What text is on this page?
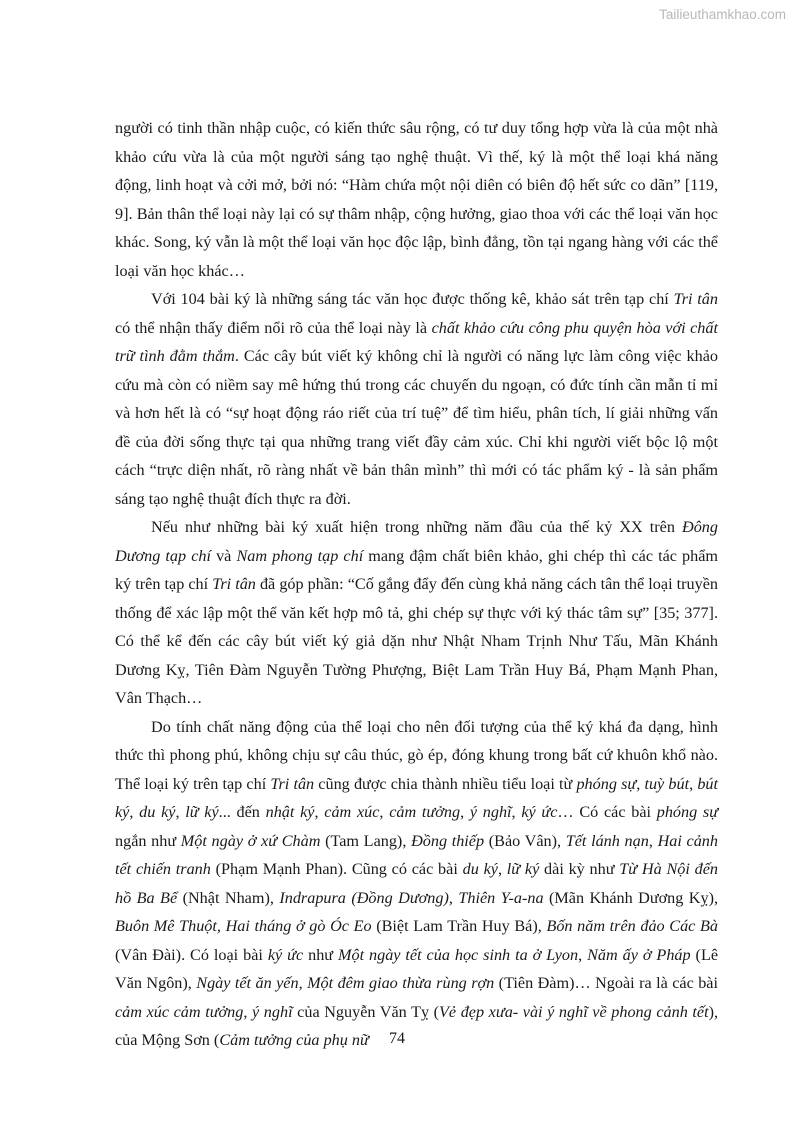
Tailieuthamkhao.com

người có tinh thần nhập cuộc, có kiến thức sâu rộng, có tư duy tổng hợp vừa là của một nhà khảo cứu vừa là của một người sáng tạo nghệ thuật. Vì thế, ký là một thể loại khá năng động, linh hoạt và cởi mở, bởi nó: “Hàm chứa một nội diên có biên độ hết sức co dãn” [119, 9]. Bản thân thể loại này lại có sự thâm nhập, cộng hưởng, giao thoa với các thể loại văn học khác. Song, ký vẫn là một thể loại văn học độc lập, bình đẳng, tồn tại ngang hàng với các thể loại văn học khác…

Với 104 bài ký là những sáng tác văn học được thống kê, khảo sát trên tạp chí Tri tân có thể nhận thấy điểm nổi rõ của thể loại này là chất khảo cứu công phu quyện hòa với chất trữ tình đằm thắm. Các cây bút viết ký không chỉ là người có năng lực làm công việc khảo cứu mà còn có niềm say mê hứng thú trong các chuyến du ngoạn, có đức tính cần mẫn tỉ mỉ và hơn hết là có “sự hoạt động ráo riết của trí tuệ” để tìm hiểu, phân tích, lí giải những vấn đề của đời sống thực tại qua những trang viết đầy cảm xúc. Chỉ khi người viết bộc lộ một cách “trực diện nhất, rõ ràng nhất về bản thân mình” thì mới có tác phẩm ký - là sản phẩm sáng tạo nghệ thuật đích thực ra đời.

Nếu như những bài ký xuất hiện trong những năm đầu của thế kỷ XX trên Đông Dương tạp chí và Nam phong tạp chí mang đậm chất biên khảo, ghi chép thì các tác phẩm ký trên tạp chí Tri tân đã góp phần: “Cố gắng đẩy đến cùng khả năng cách tân thể loại truyền thống để xác lập một thể văn kết hợp mô tả, ghi chép sự thực với ký thác tâm sự” [35; 377]. Có thể kể đến các cây bút viết ký giả dặn như Nhật Nham Trịnh Như Tấu, Mãn Khánh Dương Kỵ, Tiên Đàm Nguyễn Tường Phượng, Biệt Lam Trần Huy Bá, Phạm Mạnh Phan, Vân Thạch…

Do tính chất năng động của thể loại cho nên đối tượng của thể ký khá đa dạng, hình thức thì phong phú, không chịu sự câu thúc, gò ép, đóng khung trong bất cứ khuôn khổ nào. Thể loại ký trên tạp chí Tri tân cũng được chia thành nhiều tiểu loại từ phóng sự, tuỳ bút, bút ký, du ký, lữ ký... đến nhật ký, cảm xúc, cảm tưởng, ý nghĩ, ký ức… Có các bài phóng sự ngắn như Một ngày ở xứ Chàm (Tam Lang), Đồng thiếp (Bảo Vân), Tết lánh nạn, Hai cảnh tết chiến tranh (Phạm Mạnh Phan). Cũng có các bài du ký, lữ ký dài kỳ như Từ Hà Nội đến hồ Ba Bể (Nhật Nham), Indrapura (Đồng Dương), Thiên Y-a-na (Mãn Khánh Dương Kỵ), Buôn Mê Thuột, Hai tháng ở gò Óc Eo (Biệt Lam Trần Huy Bá), Bốn năm trên đảo Các Bà (Vân Đài). Có loại bài ký ức như Một ngày tết của học sinh ta ở Lyon, Năm ấy ở Pháp (Lê Văn Ngôn), Ngày tết ăn yến, Một đêm giao thừa rùng rợn (Tiên Đàm)… Ngoài ra là các bài cảm xúc cảm tưởng, ý nghĩ của Nguyễn Văn Tỵ (Vẻ đẹp xưa- vài ý nghĩ về phong cảnh tết), của Mộng Sơn (Cảm tưởng của phụ nữ	74
